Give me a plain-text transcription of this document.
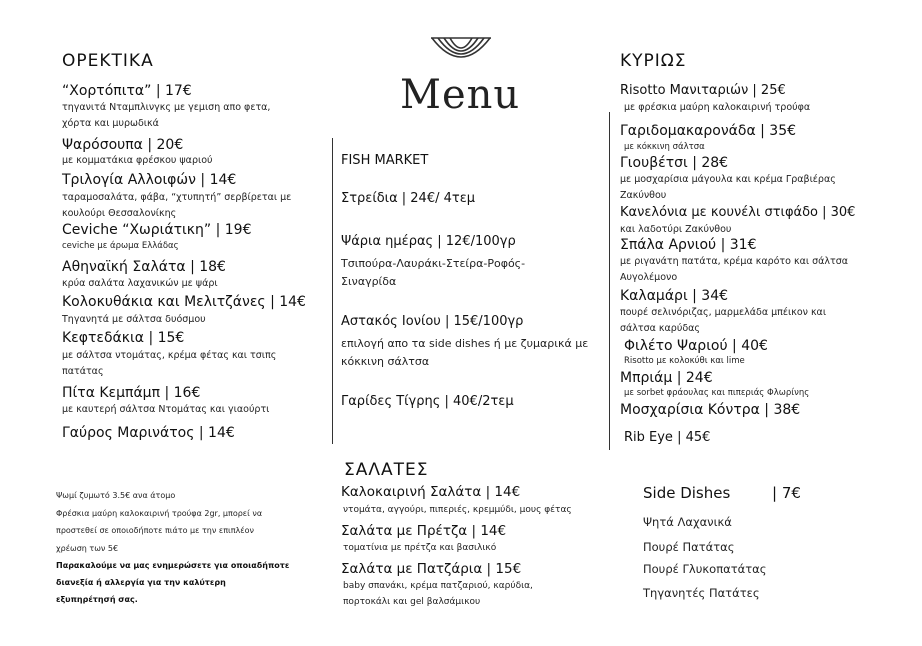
Menu
ΟΡΕΚΤΙΚΑ
“Χορτόπιτα” | 17€
τηγανιτά Νταμπλινγκς με γεμιση απο φετα,
χόρτα και μυρωδικά
Ψαρόσουπα | 20€
με κομματάκια φρέσκου ψαριού
Τριλογία Αλλοιφών | 14€
ταραμοσαλάτα, φάβα, “χτυπητή” σερβίρεται με
κουλούρι Θεσσαλονίκης
Ceviche “Χωριάτικη” | 19€
ceviche με άρωμα Ελλάδας
Αθηναϊκή Σαλάτα | 18€
κρύα σαλάτα λαχανικών με ψάρι
Κολοκυθάκια και Μελιτζάνες | 14€
Τηγανητά με σάλτσα δυόσμου
Κεφτεδάκια | 15€
με σάλτσα ντομάτας, κρέμα φέτας και τσιπς
πατάτας
Πίτα Κεμπάμπ | 16€
με καυτερή σάλτσα Ντομάτας και γιαούρτι
Γαύρος Μαρινάτος | 14€
FISH MARKET
Στρείδια | 24€/ 4τεμ
Ψάρια ημέρας | 12€/100γρ
Τσιπούρα-Λαυράκι-Στείρα-Ροφός-
Σιναγρίδα
Αστακός Ιονίου | 15€/100γρ
επιλογή απο τα side dishes ή με ζυμαρικά με
κόκκινη σάλτσα
Γαρίδες Τίγρης | 40€/2τεμ
ΚΥΡΙΩΣ
Risotto Μανιταριών | 25€
με φρέσκια μαύρη καλοκαιρινή τρούφα
Γαριδομακαρονάδα | 35€
με κόκκινη σάλτσα
Γιουβέτσι | 28€
με μοσχαρίσια μάγουλα και κρέμα Γραβιέρας
Ζακύνθου
Κανελόνια με κουνέλι στιφάδο | 30€
και λαδοτύρι Ζακύνθου
Σπάλα Αρνιού | 31€
με ριγανάτη πατάτα, κρέμα καρότο και σάλτσα
Αυγολέμονο
Καλαμάρι | 34€
πουρέ σελινόριζας, μαρμελάδα μπέικον και
σάλτσα καρύδας
Φιλέτο Ψαριού | 40€
Risotto με κολοκύθι και lime
Μπριάμ | 24€
με sorbet φράουλας και πιπεριάς Φλωρίνης
Μοσχαρίσια Κόντρα | 38€
Rib Eye | 45€
ΣΑΛΑΤΕΣ
Καλοκαιρινή Σαλάτα | 14€
ντομάτα, αγγούρι, πιπεριές, κρεμμύδι, μους φέτας
Σαλάτα με Πρέτζα | 14€
τοματίνια με πρέτζα και βασιλικό
Σαλάτα με Πατζάρια | 15€
baby σπανάκι, κρέμα πατζαριού, καρύδια,
πορτοκάλι και gel βαλσάμικου
Ψωμί ζυμωτό 3.5€ ανα άτομο
Φρέσκια μαύρη καλοκαιρινή τρούφα 2gr, μπορεί να
προστεθεί σε οποιοδήποτε πιάτο με την επιπλέον
χρέωση των 5€
Παρακαλούμε να μας ενημερώσετε για οποιαδήποτε
διανεξία ή αλλεργία για την καλύτερη
εξυπηρέτησή σας.
Side Dishes	| 7€
Ψητά Λαχανικά
Πουρέ Πατάτας
Πουρέ Γλυκοπατάτας
Τηγανητές Πατάτες
